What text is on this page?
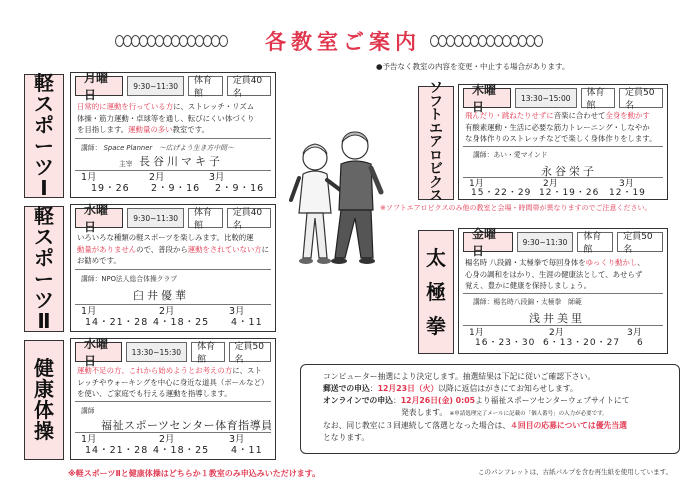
各教室ご案内
●予告なく教室の内容を変更・中止する場合があります。
軽
ス
ポ
ー
ツ
Ⅰ
月曜日
9:30~11:30	体育館
定員40名
日常的に運動を行っている方に、ストレッチ・リズム
体操・筋力運動・卓球等を通し、転びにくい体づくり
を目指します。運動量の多い教室です。
講師： Space Planner　～広げよう生き方中間～
主宰 長谷川マキ子
1月	2月	3月
19・26 2・9・16 2・9・16
軽
ス
ポ
ー
ツ
Ⅱ
水曜日
9:30~11:30	体育館
定員40名
いろいろな種類の軽スポーツを楽しみます。比較的運
動量がありませんので、普段から運動をされていない方に
お勧めです。
講師：NPO法人総合体操クラブ
臼井優華
1月	2月	3月
14・21・28 4・18・25 4・11
健
康
体
操
水曜日
13:30~15:30	体育館
定員50名
運動不足の方、これから始めようとお考えの方に、スト
レッチやウォーキングを中心に身近な道具（ボールなど）
を使い、ご家庭でも行える運動を指導します。
講師
福祉スポーツセンター体育指導員
1月	2月	3月
14・21・28 4・18・25 4・11
ソ
フ
ト
エ
ア
ロ
ビ
ク
ス
木曜日
13:30~15:00	体育館
定員50名
飛んだり・跳ねたりせずに音楽に合わせて全身を動かす
有酸素運動・生活に必要な筋力トレーニング・しなやか
な身体作りのストレッチなどで楽しく身体作りをします。
講師：あい・愛マインド
永谷栄子
1月	2月	3月
15・22・29 12・19・26 12・19
※ソフトエアロビクスのみ他の教室と会場・時間帯が異なりますのでご注意ください。
太
極
拳
金曜日
9:30~11:30	体育館
定員50名
楊名時 八段錦・太極拳で毎回身体をゆっくり動かし、
心身の調和をはかり、生涯の健康法として、あせらず
覚え、豊かに健康を保持しましょう。
講師：楊名時八段錦・太極拳　師範
浅井美里
1月	2月	3月
16・23・30 6・13・20・27 6
コンピューター抽選により決定します。抽選結果は下記に従いご確認下さい。
郵送での申込：12月23日（火）以降に返信はがきにてお知らせします。
オンラインでの申込：12月26日(金) 0:05より福祉スポーツセンターウェブサイトにて
発表します。 ※申請処理完了メールに記載の「個人番号」の入力が必要です。
なお、同じ教室に３回連続して落選となった場合は、４回目の応募については優先当選
となります。
※軽スポーツⅡと健康体操はどちらか１教室のみ申込みいただけます。	このパンフレットは、古紙パルプを含む再生紙を使用しています。
